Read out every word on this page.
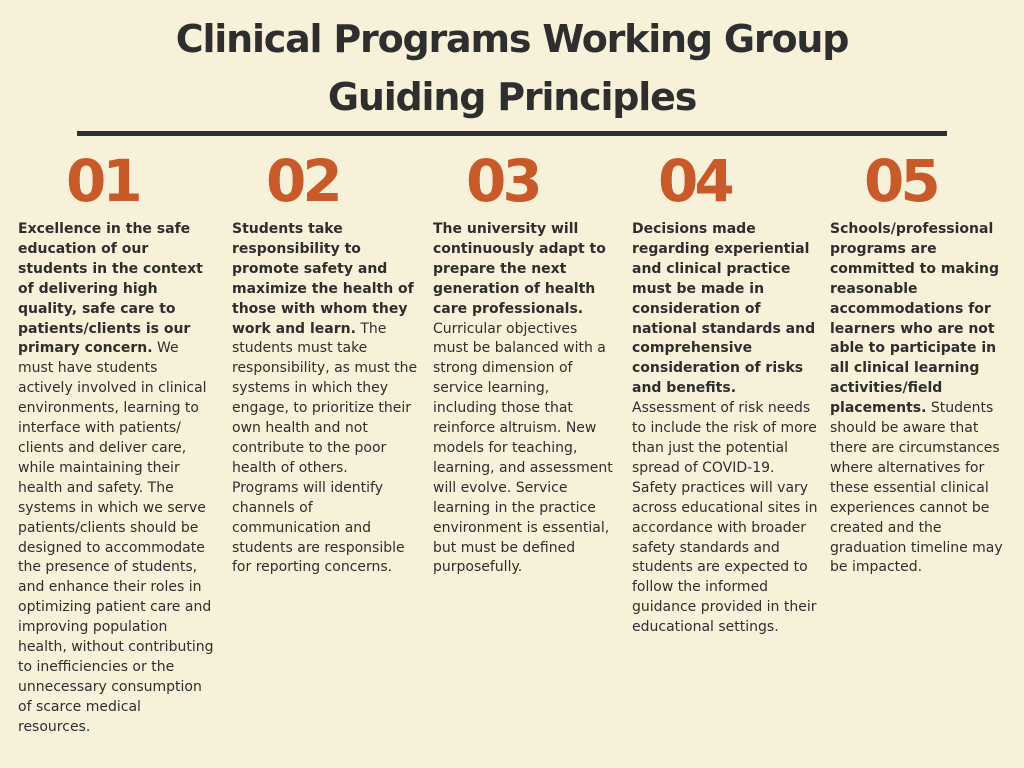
Clinical Programs Working Group
Guiding Principles
01
Excellence in the safe education of our students in the context of delivering high quality, safe care to patients/clients is our primary concern. We must have students actively involved in clinical environments, learning to interface with patients/ clients and deliver care, while maintaining their health and safety. The systems in which we serve patients/clients should be designed to accommodate the presence of students, and enhance their roles in optimizing patient care and improving population health, without contributing to inefficiencies or the unnecessary consumption of scarce medical resources.
02
Students take responsibility to promote safety and maximize the health of those with whom they work and learn. The students must take responsibility, as must the systems in which they engage, to prioritize their own health and not contribute to the poor health of others. Programs will identify channels of communication and students are responsible for reporting concerns.
03
The university will continuously adapt to prepare the next generation of health care professionals. Curricular objectives must be balanced with a strong dimension of service learning, including those that reinforce altruism. New models for teaching, learning, and assessment will evolve. Service learning in the practice environment is essential, but must be defined purposefully.
04
Decisions made regarding experiential and clinical practice must be made in consideration of national standards and comprehensive consideration of risks and benefits. Assessment of risk needs to include the risk of more than just the potential spread of COVID-19. Safety practices will vary across educational sites in accordance with broader safety standards and students are expected to follow the informed guidance provided in their educational settings.
05
Schools/professional programs are committed to making reasonable accommodations for learners who are not able to participate in all clinical learning activities/field placements. Students should be aware that there are circumstances where alternatives for these essential clinical experiences cannot be created and the graduation timeline may be impacted.
